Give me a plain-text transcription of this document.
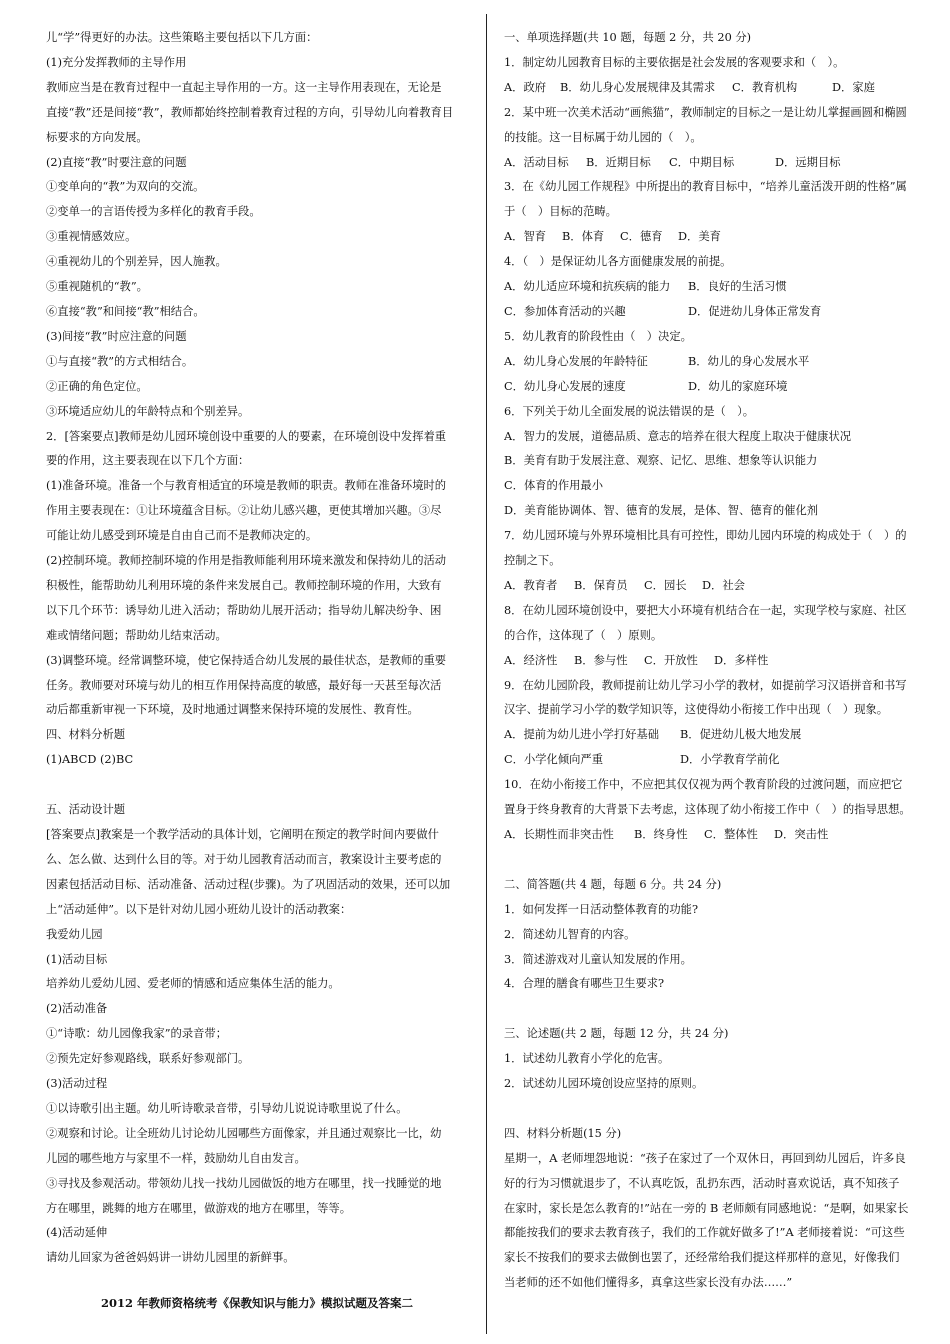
儿“学”得更好的办法。这些策略主要包括以下几方面：
(1)充分发挥教师的主导作用
教师应当是在教育过程中一直起主导作用的一方。这一主导作用表现在，无论是
直接“教”还是间接“教”，教师都始终控制着教育过程的方向，引导幼儿向着教育目
标要求的方向发展。
(2)直接“教”时要注意的问题
①变单向的“教”为双向的交流。
②变单一的言语传授为多样化的教育手段。
③重视情感效应。
④重视幼儿的个别差异，因人施教。
⑤重视随机的“教”。
⑥直接“教”和间接“教”相结合。
(3)间接“教”时应注意的问题
①与直接“教”的方式相结合。
②正确的角色定位。
③环境适应幼儿的年龄特点和个别差异。
2．[答案要点]教师是幼儿园环境创设中重要的人的要素，在环境创设中发挥着重
要的作用，这主要表现在以下几个方面：
(1)准备环境。准备一个与教育相适宜的环境是教师的职责。教师在准备环境时的
作用主要表现在：①让环境蕴含目标。②让幼儿感兴趣，更使其增加兴趣。③尽
可能让幼儿感受到环境是自由自己而不是教师决定的。
(2)控制环境。教师控制环境的作用是指教师能利用环境来激发和保持幼儿的活动
积极性，能帮助幼儿利用环境的条件来发展自己。教师控制环境的作用，大致有
以下几个环节：诱导幼儿进入活动；帮助幼儿展开活动；指导幼儿解决纷争、困
难或情绪问题；帮助幼儿结束活动。
(3)调整环境。经常调整环境，使它保持适合幼儿发展的最佳状态，是教师的重要
任务。教师要对环境与幼儿的相互作用保持高度的敏感，最好每一天甚至每次活
动后都重新审视一下环境，及时地通过调整来保持环境的发展性、教育性。
四、材料分析题
(1)ABCD (2)BC
五、活动设计题
[答案要点]教案是一个教学活动的具体计划，它阐明在预定的教学时间内要做什
么、怎么做、达到什么目的等。对于幼儿园教育活动而言，教案设计主要考虑的
因素包括活动目标、活动准备、活动过程(步骤)。为了巩固活动的效果，还可以加
上“活动延伸”。以下是针对幼儿园小班幼儿设计的活动教案：
我爱幼儿园
(1)活动目标
培养幼儿爱幼儿园、爱老师的情感和适应集体生活的能力。
(2)活动准备
①“诗歌：幼儿园像我家”的录音带；
②预先定好参观路线，联系好参观部门。
(3)活动过程
①以诗歌引出主题。幼儿听诗歌录音带，引导幼儿说说诗歌里说了什么。
②观察和讨论。让全班幼儿讨论幼儿园哪些方面像家，并且通过观察比一比，幼
儿园的哪些地方与家里不一样，鼓励幼儿自由发言。
③寻找及参观活动。带领幼儿找一找幼儿园做饭的地方在哪里，找一找睡觉的地
方在哪里，跳舞的地方在哪里，做游戏的地方在哪里，等等。
(4)活动延伸
请幼儿回家为爸爸妈妈讲一讲幼儿园里的新鲜事。
一、单项选择题(共 10 题，每题 2 分，共 20 分)
1．制定幼儿园教育目标的主要依据是社会发展的客观要求和（　）。
A．政府	B．幼儿身心发展规律及其需求	C．教育机构	D．家庭
2．某中班一次美术活动“画熊猫”，教师制定的目标之一是让幼儿掌握画圆和椭圆
的技能。这一目标属于幼儿园的（　）。
A．活动目标	B．近期目标	C．中期目标	D．远期目标
3．在《幼儿园工作规程》中所提出的教育目标中，“培养儿童活泼开朗的性格”属
于（　）目标的范畴。
A．智育	B．体育	C．德育	D．美育
4．（　）是保证幼儿各方面健康发展的前提。
A．幼儿适应环境和抗疾病的能力	B．良好的生活习惯
C．参加体育活动的兴趣	D．促进幼儿身体正常发育
5．幼儿教育的阶段性由（　）决定。
A．幼儿身心发展的年龄特征	B．幼儿的身心发展水平
C．幼儿身心发展的速度	D．幼儿的家庭环境
6．下列关于幼儿全面发展的说法错误的是（　）。
A．智力的发展，道德品质、意志的培养在很大程度上取决于健康状况
B．美育有助于发展注意、观察、记忆、思维、想象等认识能力
C．体育的作用最小
D．美育能协调体、智、德育的发展，是体、智、德育的催化剂
7．幼儿园环境与外界环境相比具有可控性，即幼儿园内环境的构成处于（　）的
控制之下。
A．教育者	B．保育员	C．园长	D．社会
8．在幼儿园环境创设中，要把大小环境有机结合在一起，实现学校与家庭、社区
的合作，这体现了（　）原则。
A．经济性	B．参与性	C．开放性	D．多样性
9．在幼儿园阶段，教师提前让幼儿学习小学的教材，如提前学习汉语拼音和书写
汉字、提前学习小学的数学知识等，这使得幼小衔接工作中出现（　）现象。
A．提前为幼儿进小学打好基础	B．促进幼儿极大地发展
C．小学化倾向严重	D．小学教育学前化
10．在幼小衔接工作中，不应把其仅仅视为两个教育阶段的过渡问题，而应把它
置身于终身教育的大背景下去考虑，这体现了幼小衔接工作中（　）的指导思想。
A．长期性而非突击性	B．终身性	C．整体性	D．突击性
二、简答题(共 4 题，每题 6 分。共 24 分)
1．如何发挥一日活动整体教育的功能?
2．简述幼儿智育的内容。
3．简述游戏对儿童认知发展的作用。
4．合理的膳食有哪些卫生要求?
三、论述题(共 2 题，每题 12 分，共 24 分)
1．试述幼儿教育小学化的危害。
2．试述幼儿园环境创设应坚持的原则。
四、材料分析题(15 分)
星期一，A 老师埋怨地说：“孩子在家过了一个双休日，再回到幼儿园后，许多良
好的行为习惯就退步了，不认真吃饭，乱扔东西，活动时喜欢说话，真不知孩子
在家时，家长是怎么教育的!”站在一旁的 B 老师颇有同感地说：“是啊，如果家长
都能按我们的要求去教育孩子，我们的工作就好做多了!”A 老师接着说：“可这些
家长不按我们的要求去做倒也罢了，还经常给我们提这样那样的意见，好像我们
当老师的还不如他们懂得多，真拿这些家长没有办法……”
2012 年教师资格统考《保教知识与能力》模拟试题及答案二
